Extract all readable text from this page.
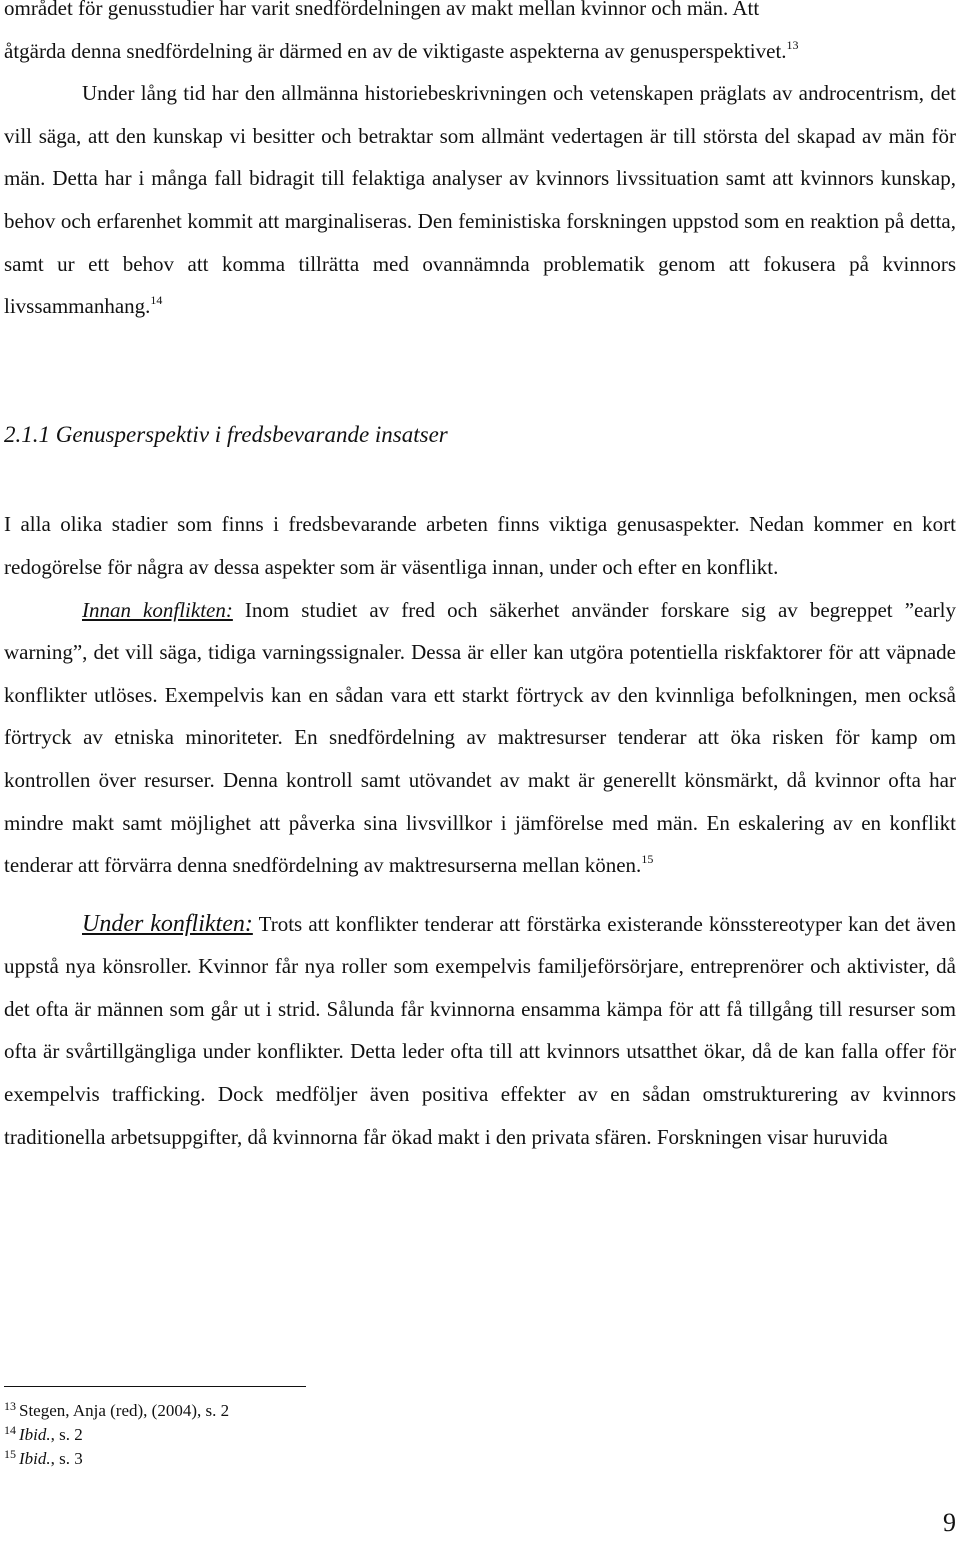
området för genusstudier har varit snedfördelningen av makt mellan kvinnor och män. Att
åtgärda denna snedfördelning är därmed en av de viktigaste aspekterna av genusperspektivet.$^{13}$

Under lång tid har den allmänna historiebeskrivningen och vetenskapen präglats av androcentrism, det vill säga, att den kunskap vi besitter och betraktar som allmänt vedertagen är till största del skapad av män för män. Detta har i många fall bidragit till felaktiga analyser av kvinnors livssituation samt att kvinnors kunskap, behov och erfarenhet kommit att marginaliseras. Den feministiska forskningen uppstod som en reaktion på detta, samt ur ett behov att komma tillrätta med ovannämnda problematik genom att fokusera på kvinnors livssammanhang.$^{14}$

2.1.1 Genusperspektiv i fredsbevarande insatser

I alla olika stadier som finns i fredsbevarande arbeten finns viktiga genusaspekter. Nedan kommer en kort redogörelse för några av dessa aspekter som är väsentliga innan, under och efter en konflikt.

Innan konflikten: Inom studiet av fred och säkerhet använder forskare sig av begreppet ”early warning”, det vill säga, tidiga varningssignaler. Dessa är eller kan utgöra potentiella riskfaktorer för att väpnade konflikter utlöses. Exempelvis kan en sådan vara ett starkt förtryck av den kvinnliga befolkningen, men också förtryck av etniska minoriteter. En snedfördelning av maktresurser tenderar att öka risken för kamp om kontrollen över resurser. Denna kontroll samt utövandet av makt är generellt könsmärkt, då kvinnor ofta har mindre makt samt möjlighet att påverka sina livsvillkor i jämförelse med män. En eskalering av en konflikt tenderar att förvärra denna snedfördelning av maktresurserna mellan könen.$^{15}$

Under konflikten: Trots att konflikter tenderar att förstärka existerande könsstereotyper kan det även uppstå nya könsroller. Kvinnor får nya roller som exempelvis familjeförsörjare, entreprenörer och aktivister, då det ofta är männen som går ut i strid. Sålunda får kvinnorna ensamma kämpa för att få tillgång till resurser som ofta är svårtillgängliga under konflikter. Detta leder ofta till att kvinnors utsatthet ökar, då de kan falla offer för exempelvis trafficking. Dock medföljer även positiva effekter av en sådan omstrukturering av kvinnors traditionella arbetsuppgifter, då kvinnorna får ökad makt i den privata sfären. Forskningen visar huruvida

$^{13}$ Stegen, Anja (red), (2004), s. 2
$^{14}$ Ibid., s. 2
$^{15}$ Ibid., s. 3
9
